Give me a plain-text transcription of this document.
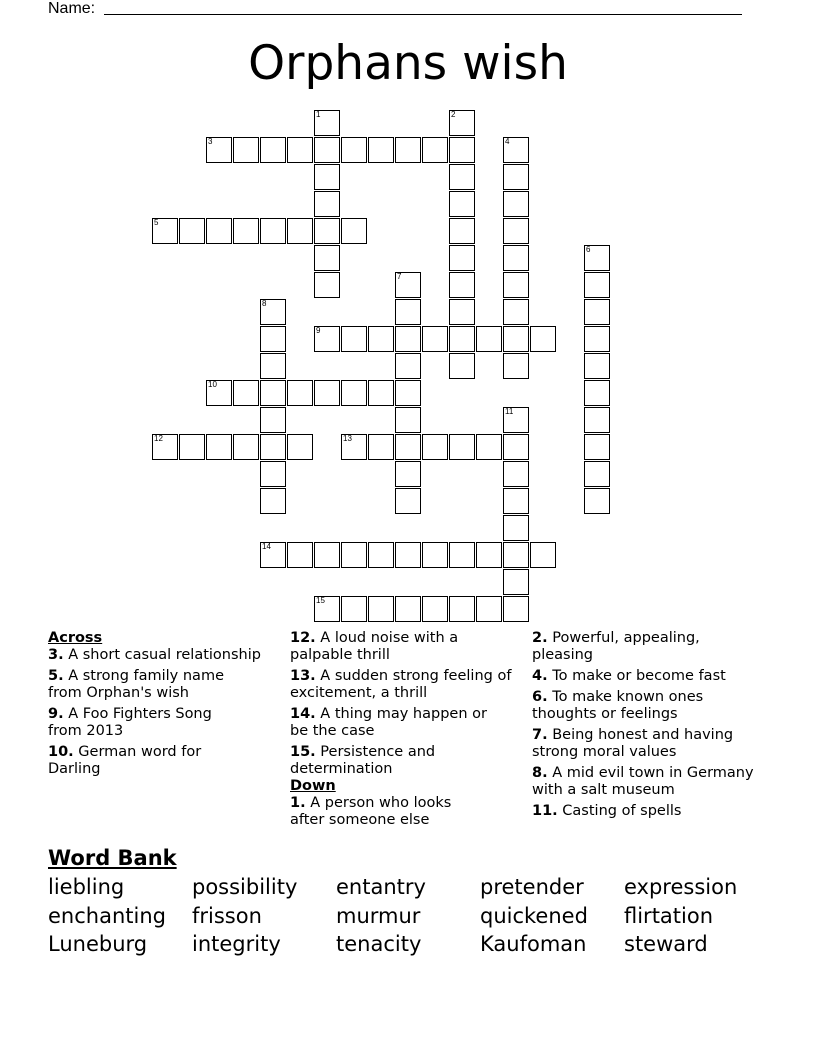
Name:
Orphans wish
1	2
3	4
5
6
7
8
9
10
11
12	13
14
15
Across
3. A short casual relationship
5. A strong family name from Orphan's wish
9. A Foo Fighters Song from 2013
10. German word for Darling
12. A loud noise with a palpable thrill
13. A sudden strong feeling of excitement, a thrill
14. A thing may happen or be the case
15. Persistence and determination
Down
1. A person who looks after someone else
2. Powerful, appealing, pleasing
4. To make or become fast
6. To make known ones thoughts or feelings
7. Being honest and having strong moral values
8. A mid evil town in Germany with a salt museum
11. Casting of spells
Word Bank
liebling	possibility	entantry	pretender	expression
enchanting	frisson	murmur	quickened	flirtation
Luneburg	integrity	tenacity	Kaufoman	steward
